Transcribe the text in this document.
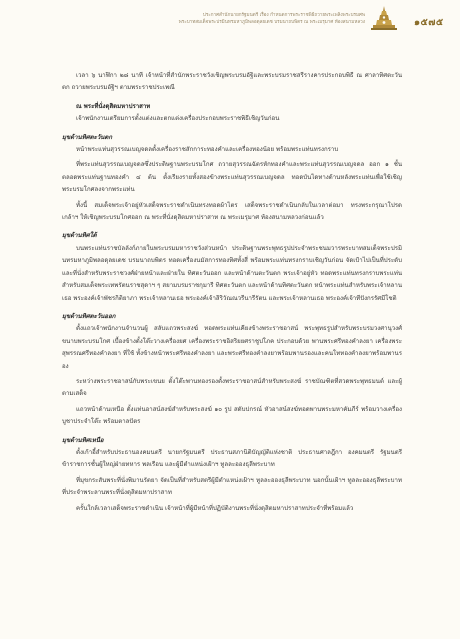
ประกาศสำนักนายกรัฐมนตรี เรื่อง กำหนดการพระราชพิธีถวายพระเพลิงพระบรมศพ
พระบาทสมเด็จพระปรมินทรมหาภูมิพลอดุลยเดช บรมนาถบพิตร ณ พระเมรุมาศ ท้องสนามหลวง	๑๕๗๕

เวลา ๖ นาฬิกา ๒๘ นาที เจ้าหน้าที่สำนักพระราชวังเชิญพระบรมอัฐิและพระบรมราชสรีรางคารประกอบพิธี ณ ศาลาทิศตะวันตก ถวายพระบรมอัฐิฯ ตามพระราชประเพณี

ณ พระที่นั่งดุสิตมหาปราสาท

เจ้าพนักงานเตรียมการตั้งแต่งและตกแต่งเครื่องประกอบพระราชพิธีเชิญวันก่อน

มุขด้านทิศตะวันตก

หน้าพระแท่นสุวรรณเบญจดลตั้งเครื่องราชสักการะทองคำและเครื่องทองน้อย พร้อมพระแท่นทรงกราบ

ที่พระแท่นสุวรรณเบญจดลซึ่งประดิษฐานพระบรมโกศ ถวายสุวรรณฉัตรหักทองคำและพระแท่นสุวรรณเบญจดล ออก ๑ ชั้น ตลอดพระแท่นฐานทองคำ ๔ ต้น ตั้งเรียงรายทั้งสองข้างพระแท่นสุวรรณเบญจดล ทอดบันไดทางด้านหลังพระแท่นเพื่อใช้เชิญพระบรมโกศลงจากพระแท่น

ทั้งนี้ สมเด็จพระเจ้าอยู่หัวเสด็จพระราชดำเนินทรงทอดผ้าไตร เสด็จพระราชดำเนินกลับในเวลาต่อมา ทรงพระกรุณาโปรดเกล้าฯ ให้เชิญพระบรมโกศออก ณ พระที่นั่งดุสิตมหาปราสาท ณ พระเมรุมาศ ท้องสนามหลวงก่อนแล้ว

มุขด้านทิศใต้

บนพระแท่นราชบัลลังก์ภายในพระบรมมหาราชวังส่วนหน้า ประดิษฐานพระพุทธรูปประจำพระชนมวารพระบาทสมเด็จพระปรมินทรมหาภูมิพลอดุลยเดช บรมนาถบพิตร ทอดเครื่องนมัสการทองทิศทั้งสี่ พร้อมพระแท่นทรงกราบเชิญวันก่อน จัดเป้าไปเป็นที่ประดับและที่นั่งสำหรับพระราชวงศ์ฝ่ายหน้าและฝ่ายใน ทิศตะวันออก และหน้าด้านตะวันตก พระเจ้าอยู่หัว ทอดพระแท่นทรงกราบพระแท่นสำหรับสมเด็จพระเทพรัตนราชสุดาฯ ๆ สยามบรมราชกุมารี ทิศตะวันตก และหน้าด้านทิศตะวันตก หน้าพระแท่นสำหรับพระเจ้าหลานเธอ พระองค์เจ้าพัชรกิติยาภา พระเจ้าหลานเธอ พระองค์เจ้าสิริวัณณวรีนารีรัตน และพระเจ้าหลานเธอ พระองค์เจ้าทีปังกรรัศมีโชติ

มุขด้านทิศตะวันออก

ตั้งแถวเจ้าพนักงานจำนวนผู้ สลับแถวพระสงฆ์ ทอดพระแท่นเคียงข้างพระราชอาสน์ พระพุทธรูปสำหรับพระบรมวงศานุวงศ์ ขนาบพระบรมโกศ เบื้องข้างตั้งโต๊ะวางเครื่องยศ เครื่องพระราชอิสริยยศราชูปโภค ประกอบด้วย พานพระศรีทองคำลงยา เครื่องพระสุพรรณศรีทองคำลงยา ที่ใช้ ทั้งข้างหน้าพระศรีทองคำลงยา และพระศรีทองคำลงยาพร้อมพานรองและคนโททองคำลงยาพร้อมพานรอง

ระหว่างพระราชอาสน์กับพระเขนย ตั้งโต๊ะพานทองรองตั้งพระราชอาสน์สำหรับพระสงฆ์ ราชบัณฑิตที่สวดพระพุทธมนต์ และผู้ตามเสด็จ

แถวหน้าด้านเหนือ ตั้งแท่นอาสน์สงฆ์สำหรับพระสงฆ์ ๑๐ รูป สดับปกรณ์ หัวอาสน์สงฆ์ทอดพานพระมหาคัมภีร์ พร้อมวางเครื่องบูชาประจำโต๊ะ พร้อมตาลปัตร

มุขด้านทิศเหนือ

ตั้งเก้าอี้สำหรับประธานองคมนตรี นายกรัฐมนตรี ประธานสภานิติบัญญัติแห่งชาติ ประธานศาลฎีกา องคมนตรี รัฐมนตรี ข้าราชการชั้นผู้ใหญ่ฝ่ายทหาร พลเรือน และผู้มีตำแหน่งเฝ้าฯ ทูลละอองธุลีพระบาท

ที่มุขกระสันพระที่นั่งพิมานรัตยา จัดเป็นที่สำหรับสตรีผู้มีตำแหน่งเฝ้าฯ ทูลละอองธุลีพระบาท นอกนั้นเฝ้าฯ ทูลละอองธุลีพระบาทที่ประจำพระลานพระที่นั่งดุสิตมหาปราสาท

ครั้นใกล้เวลาเสด็จพระราชดำเนิน เจ้าหน้าที่ผู้มีหน้าที่ปฏิบัติงานพระที่นั่งดุสิตมหาปราสาทประจำที่พร้อมแล้ว
